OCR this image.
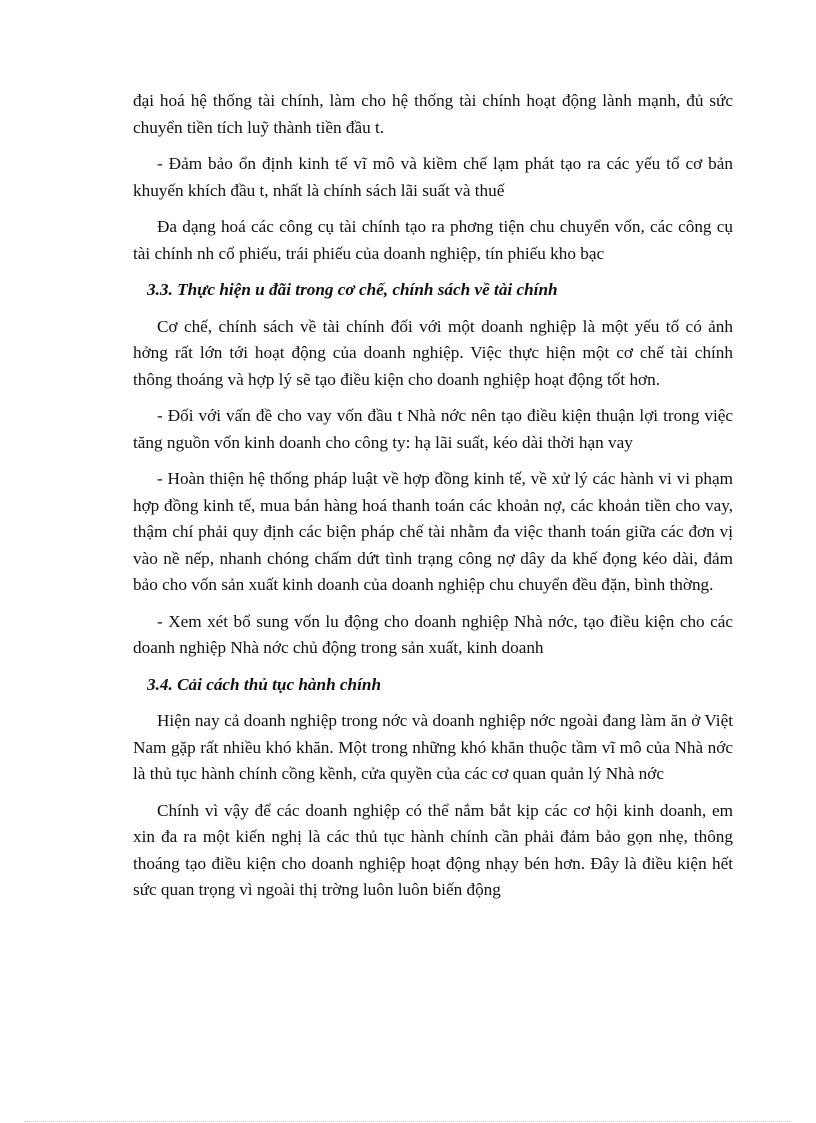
đại hoá hệ thống tài chính, làm cho hệ thống tài chính hoạt động lành mạnh, đủ sức chuyển tiền tích luỹ thành tiền đầu t.

- Đảm bảo ổn định kinh tế vĩ mô và kiềm chế lạm phát tạo ra các yếu tố cơ bản khuyến khích đầu t, nhất là chính sách lãi suất và thuế

Đa dạng hoá các công cụ tài chính tạo ra phơng tiện chu chuyển vốn, các công cụ tài chính nh cổ phiếu, trái phiếu của doanh nghiệp, tín phiếu kho bạc

3.3. Thực hiện u đãi trong cơ chế, chính sách về tài chính

Cơ chế, chính sách về tài chính đối với một doanh nghiệp là một yếu tố có ảnh hởng rất lớn tới hoạt động của doanh nghiệp. Việc thực hiện một cơ chế tài chính thông thoáng và hợp lý sẽ tạo điều kiện cho doanh nghiệp hoạt động tốt hơn.

- Đối với vấn đề cho vay vốn đầu t Nhà nớc nên tạo điều kiện thuận lợi trong việc tăng nguồn vốn kinh doanh cho công ty: hạ lãi suất, kéo dài thời hạn vay

- Hoàn thiện hệ thống pháp luật về hợp đồng kinh tế, về xử lý các hành vi vi phạm hợp đồng kinh tế, mua bán hàng hoá thanh toán các khoản nợ, các khoản tiền cho vay, thậm chí phải quy định các biện pháp chế tài nhằm đa việc thanh toán giữa các đơn vị vào nề nếp, nhanh chóng chấm dứt tình trạng công nợ dây da khế đọng kéo dài, đảm bảo cho vốn sản xuất kinh doanh của doanh nghiệp chu chuyển đều đặn, bình thờng.

- Xem xét bổ sung vốn lu động cho doanh nghiệp Nhà nớc, tạo điều kiện cho các doanh nghiệp Nhà nớc chủ động trong sản xuất, kinh doanh

3.4. Cải cách thủ tục hành chính

Hiện nay cả doanh nghiệp trong nớc và doanh nghiệp nớc ngoài đang làm ăn ở Việt Nam gặp rất nhiều khó khăn. Một trong những khó khăn thuộc tầm vĩ mô của Nhà nớc là thủ tục hành chính cồng kềnh, cửa quyền của các cơ quan quản lý Nhà nớc

Chính vì vậy để các doanh nghiệp có thể nắm bắt kịp các cơ hội kinh doanh, em xin đa ra một kiến nghị là các thủ tục hành chính cần phải đảm bảo gọn nhẹ, thông thoáng tạo điều kiện cho doanh nghiệp hoạt động nhạy bén hơn. Đây là điều kiện hết sức quan trọng vì ngoài thị trờng luôn luôn biến động
